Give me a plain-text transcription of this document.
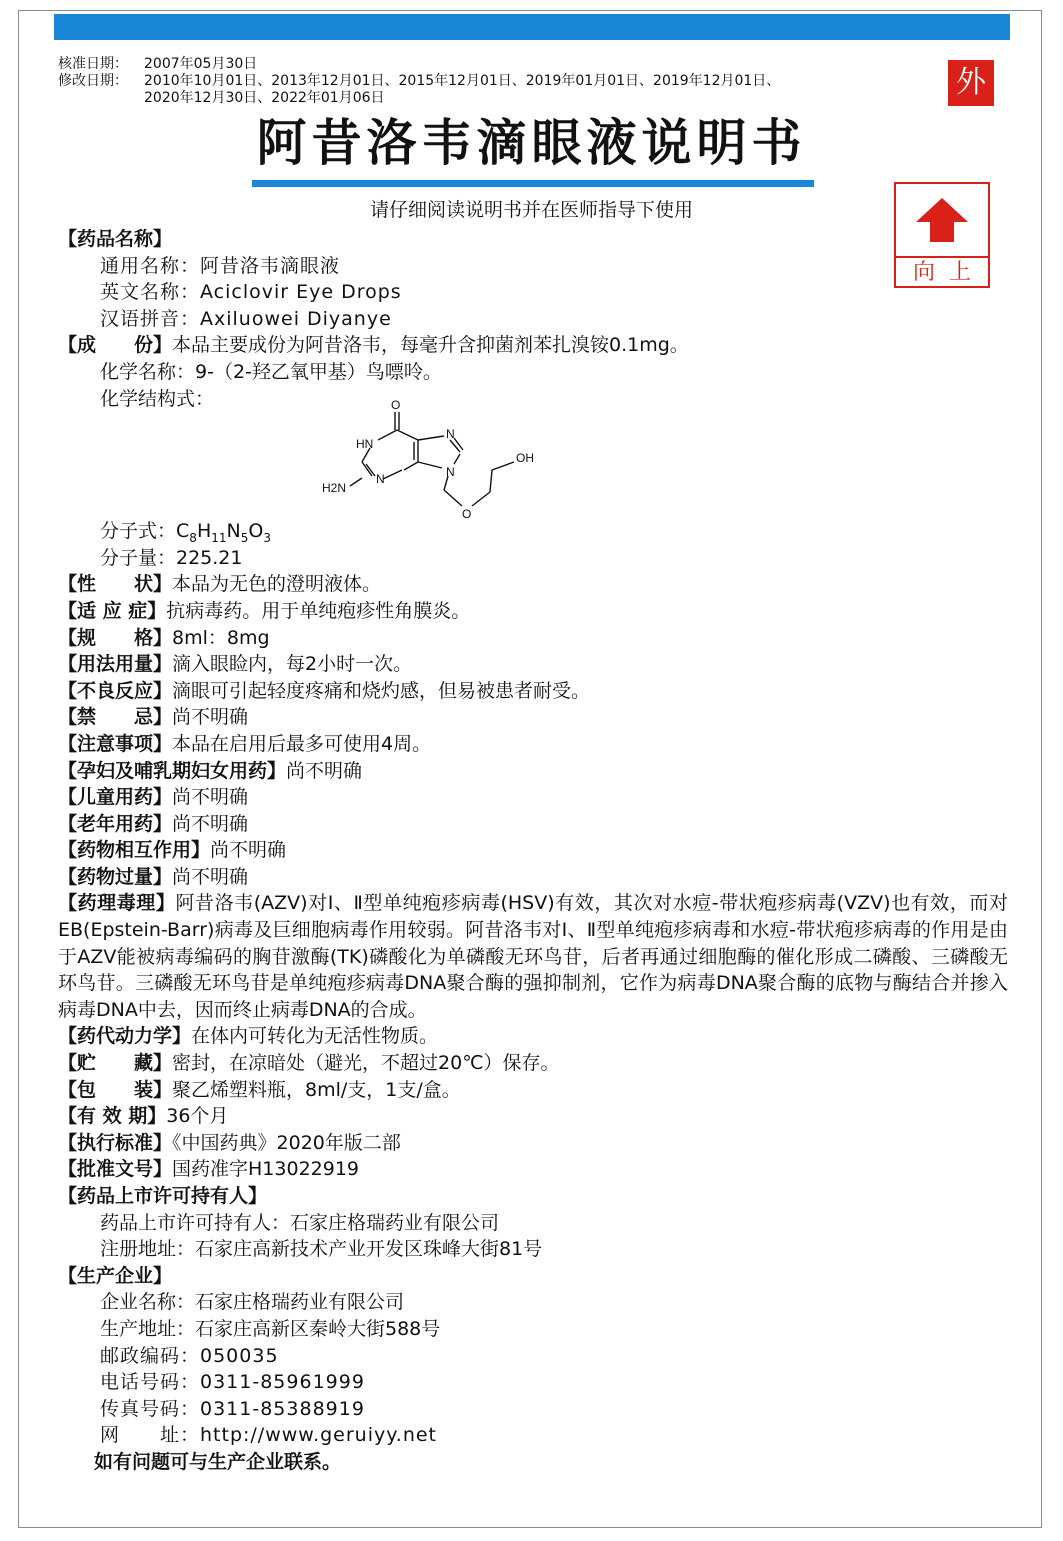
核准日期： 2007年05月30日
修改日期： 2010年10月01日、2013年12月01日、2015年12月01日、2019年01月01日、2019年12月01日、
2020年12月30日、2022年01月06日	外
阿昔洛韦滴眼液说明书
请仔细阅读说明书并在医师指导下使用
向上
【药品名称】
通用名称：阿昔洛韦滴眼液
英文名称：Aciclovir Eye Drops
汉语拼音：Axiluowei Diyanye
【成　　份】本品主要成份为阿昔洛韦，每毫升含抑菌剂苯扎溴铵0.1mg。
化学名称：9-（2-羟乙氧甲基）鸟嘌呤。
化学结构式：
分子式：$C_8H_{11}N_5O_3$
分子量：225.21
【性　　状】本品为无色的澄明液体。
【适 应 症】抗病毒药。用于单纯疱疹性角膜炎。
【规　　格】8ml：8mg
【用法用量】滴入眼睑内，每2小时一次。
【不良反应】滴眼可引起轻度疼痛和烧灼感，但易被患者耐受。
【禁　　忌】尚不明确
【注意事项】本品在启用后最多可使用4周。
【孕妇及哺乳期妇女用药】尚不明确
【儿童用药】尚不明确
【老年用药】尚不明确
【药物相互作用】尚不明确
【药物过量】尚不明确

【药理毒理】阿昔洛韦(AZV)对Ⅰ、Ⅱ型单纯疱疹病毒(HSV)有效，其次对水痘-带状疱疹病毒(VZV)也有效，而对EB(Epstein-Barr)病毒及巨细胞病毒作用较弱。阿昔洛韦对Ⅰ、Ⅱ型单纯疱疹病毒和水痘-带状疱疹病毒的作用是由于AZV能被病毒编码的胸苷激酶(TK)磷酸化为单磷酸无环鸟苷，后者再通过细胞酶的催化形成二磷酸、三磷酸无环鸟苷。三磷酸无环鸟苷是单纯疱疹病毒DNA聚合酶的强抑制剂，它作为病毒DNA聚合酶的底物与酶结合并掺入病毒DNA中去，因而终止病毒DNA的合成。

【药代动力学】在体内可转化为无活性物质。
【贮　　藏】密封，在凉暗处（避光，不超过20℃）保存。
【包　　装】聚乙烯塑料瓶，8ml/支，1支/盒。
【有 效 期】36个月
【执行标准】《中国药典》2020年版二部
【批准文号】国药准字H13022919
【药品上市许可持有人】
药品上市许可持有人：石家庄格瑞药业有限公司
注册地址：石家庄高新技术产业开发区珠峰大街81号
【生产企业】
企业名称：石家庄格瑞药业有限公司
生产地址：石家庄高新区秦岭大街588号
邮政编码：050035
电话号码：0311-85961999
传真号码：0311-85388919
网　　址：http://www.geruiyy.net
如有问题可与生产企业联系。
O
HN
N
N
N
H2N
OH
O
